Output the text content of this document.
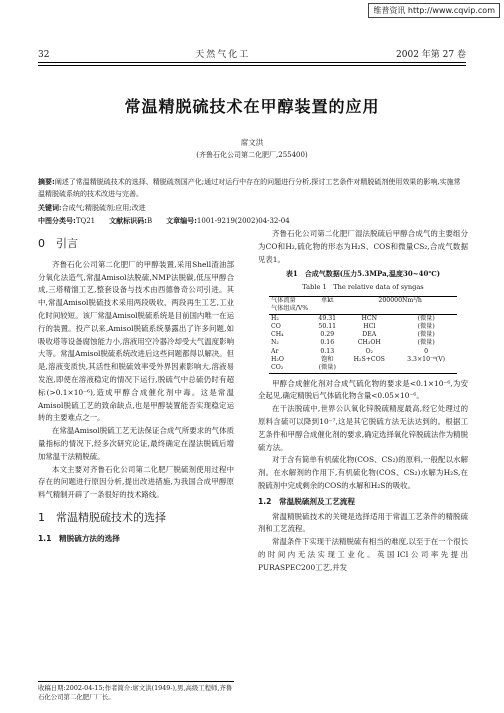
维普资讯 http://www.cqvip.com
32	天然气化工	2002 年第 27 卷
常温精脱硫技术在甲醇装置的应用
席文洪
(齐鲁石化公司第二化肥厂,255400)
摘要:阐述了常温精脱硫技术的选择、精脱硫剂国产化;通过对运行中存在的问题进行分析,探讨工艺条件对精脱硫剂使用效果的影响,实施常温精脱硫系统的技术改进与完善。
关键词:合成气;精脱硫剂;应用;改进
中图分类号:TQ21 文献标识码:B 文章编号:1001-9219(2002)04-32-04
0　引言

齐鲁石化公司第二化肥厂的甲醇装置,采用Shell渣油部分氧化法造气,常温Amisol法脱硫,NMP法脱碳,低压甲醇合成,三塔精馏工艺,整套设备与技术由西德鲁奇公司引进。其中,常温Amisol脱硫技术采用两段吸收、两段再生工艺,工业化时间较短。该厂常温Amisol脱硫系统是目前国内唯一在运行的装置。投产以来,Amisol脱硫系统暴露出了许多问题,如吸收塔等设备腐蚀能力小,溶液用空冷器冷却受大气温度影响大等。常温Amisol脱硫系统改进后这些问题都得以解决。但是,溶液变质快,其活性和脱硫效率受外界因素影响大,溶液易发泡,即使在溶液稳定的情况下运行,脱硫气中总硫仍时有超标(>0.1×10⁻⁶),造成甲醇合成催化剂中毒。这是常温Amisol脱硫工艺的致命缺点,也是甲醇装置能否实现稳定运转的主要难点之一。

在常温Amisol脱硫工艺无法保证合成气所要求的气体质量指标的情况下,经多次研究论证,最终确定在湿法脱硫后增加常温干法精脱硫。

本文主要对齐鲁石化公司第二化肥厂脱硫剂使用过程中存在的问题进行原因分析,提出改进措施,为我国合成甲醇原料气精制开辟了一条很好的技术路线。

1　常温精脱硫技术的选择
1.1　精脱硫方法的选择
收稿日期:2002-04-15;作者简介:席文洪(1949-),男,高级工程师,齐鲁石化公司第二化肥厂厂长。

齐鲁石化公司第二化肥厂湿法脱硫后甲醇合成气的主要组分为CO和H₂,硫化物的形态为H₂S、COS和微量CS₂,合成气数据见表1。

表1　合成气数据(压力5.3MPa,温度30~40℃)
Table 1　The relative data of syngas
气体流量	单kt	200000Nm³/h	
气体组成/V%			
H₂	49.31	HCN	(微量)
CO	50.11	HCl	(微量)
CH₄	0.29	DEA	(微量)
N₂	0.16	CH₃OH	(微量)
Ar	0.13	O₂	0
H₂O	饱和	H₂S+COS	3.3×10⁻⁶(V)
CO₂	(微量)		

甲醇合成催化剂对合成气硫化物的要求是<0.1×10⁻⁶,为安全起见,确定精脱后气体硫化物含量<0.05×10⁻⁶。

在干法脱硫中,世界公认氧化锌脱硫精度最高,经它处理过的原料含硫可以降到10⁻⁷,这是其它脱硫方法无法达到的。根据工艺条件和甲醇合成催化剂的要求,确定选择氧化锌脱硫法作为精脱硫方法。

对于含有简单有机硫化物(COS、CS₂)的原料,一般配以水解剂。在水解剂的作用下,有机硫化物(COS、CS₂)水解为H₂S,在脱硫剂中完成剩余的COS的水解和H₂S的吸收。

1.2　常温脱硫剂及工艺流程

常温精脱硫技术的关键是选择适用于常温工艺条件的精脱硫剂和工艺流程。

常温条件下实现干法精脱硫有相当的难度,以至于在一个很长的时间内无法实现工业化。英国ICI公司率先提出PURASPEC200工艺,并发
